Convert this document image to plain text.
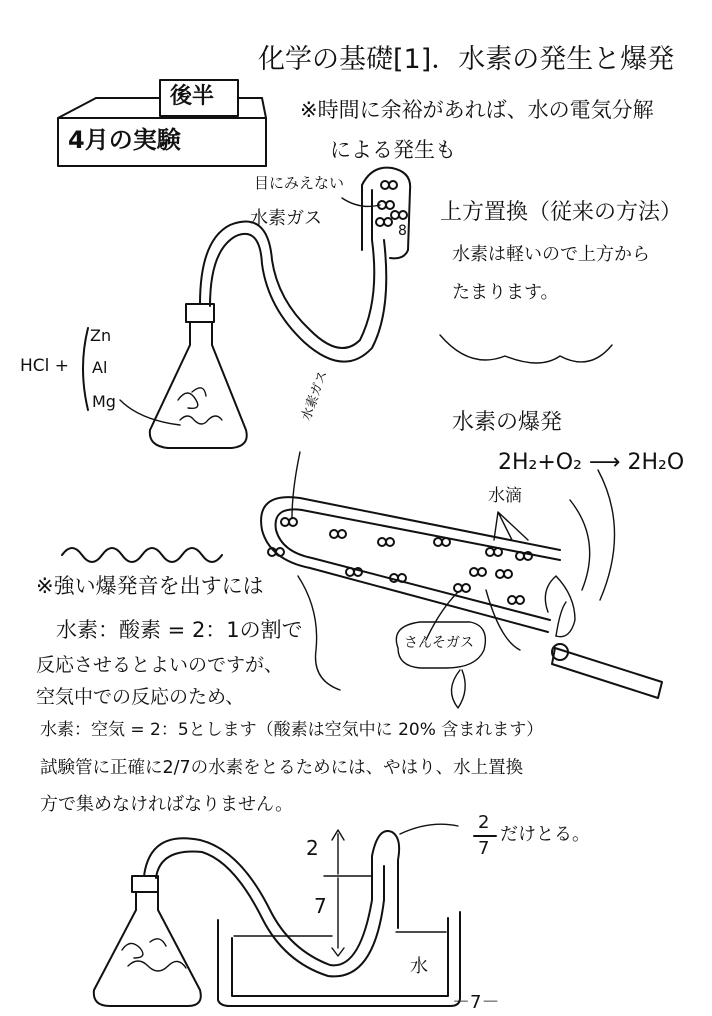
化学の基礎[1]．水素の発生と爆発
※時間に余裕があれば、水の電気分解
による発生も
後半
4月の実験
目にみえない
水素ガス
8
上方置換（従来の方法）
水素は軽いので上方から
たまります。
HCl +
Zn
Al
Mg
水素の爆発
2H₂+O₂ ⟶ 2H₂O
水滴
水素ガス
さんそガス
※強い爆発音を出すには
水素：酸素 = 2：1の割で
反応させるとよいのですが、
空気中での反応のため、
水素：空気 = 2：5とします（酸素は空気中に 20% 含まれます）
試験管に正確に2/7の水素をとるためには、やはり、水上置換
方で集めなければなりません。
2
7
2
7
だけとる。
水
－7－
